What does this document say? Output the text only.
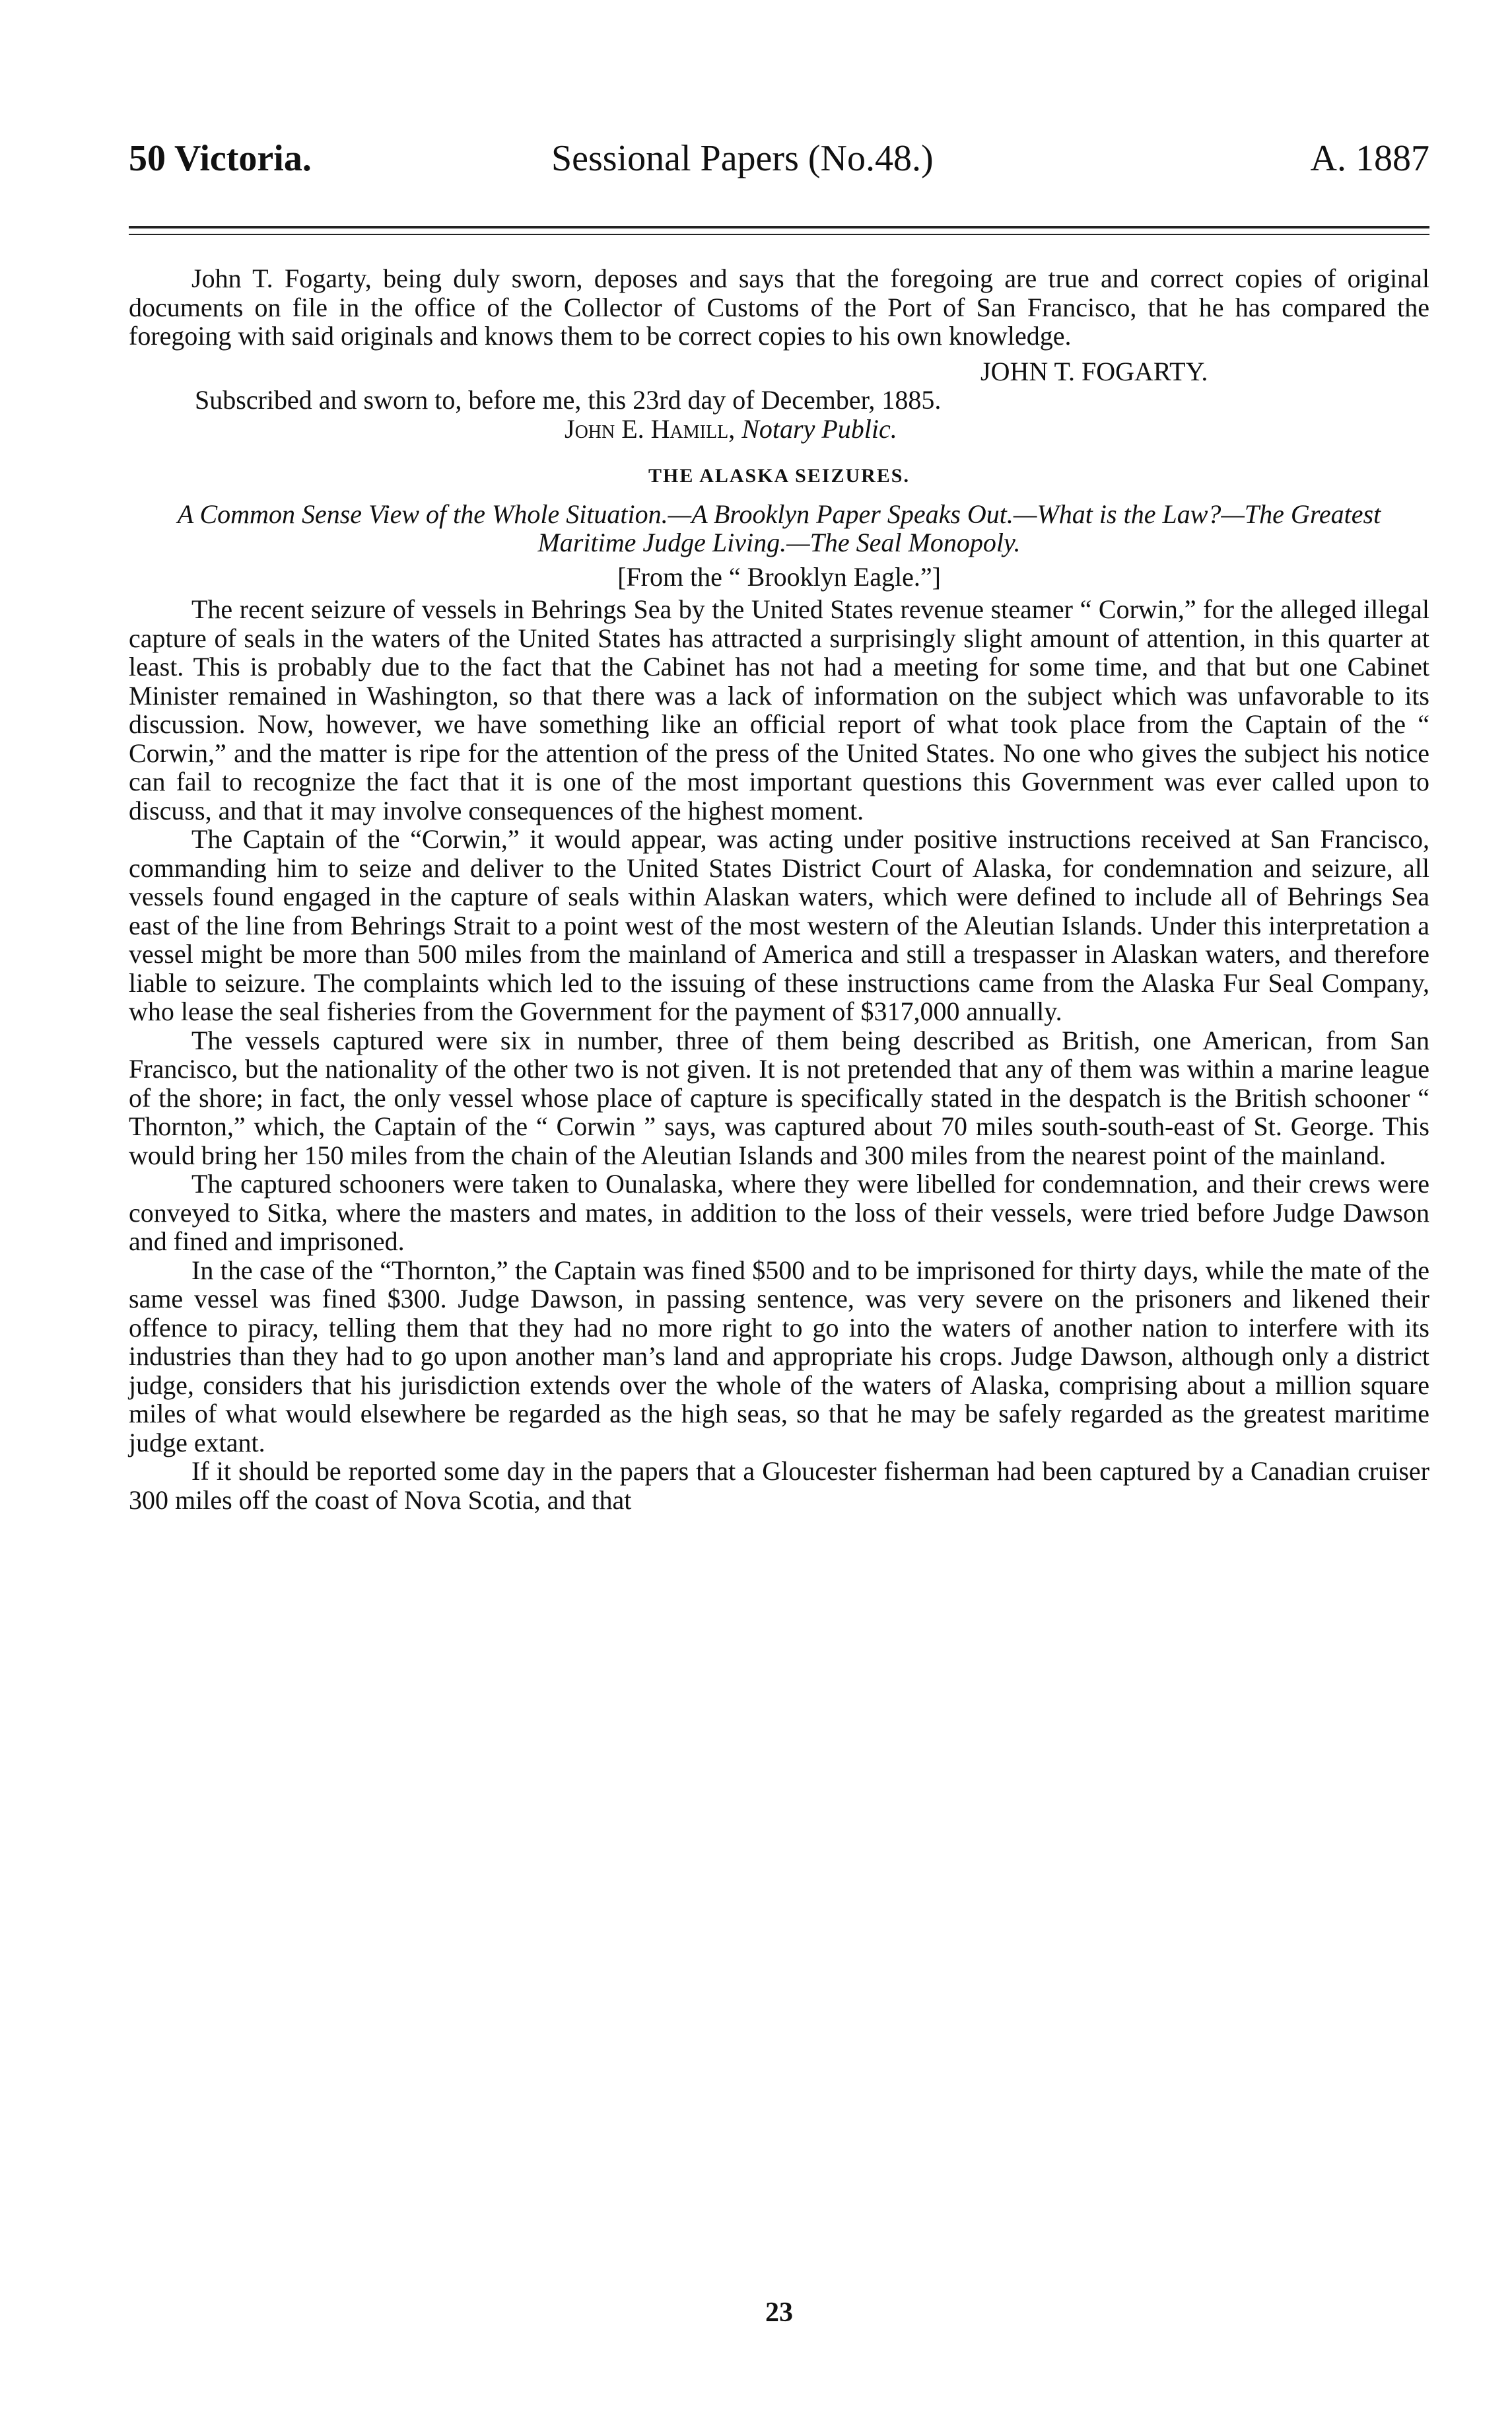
50 Victoria.	Sessional Papers (No.48.)	A. 1887

John T. Fogarty, being duly sworn, deposes and says that the foregoing are true and correct copies of original documents on file in the office of the Collector of Customs of the Port of San Francisco, that he has compared the foregoing with said originals and knows them to be correct copies to his own knowledge.

JOHN T. FOGARTY.

Subscribed and sworn to, before me, this 23rd day of December, 1885.

John E. Hamill, Notary Public.

THE ALASKA SEIZURES.

A Common Sense View of the Whole Situation.—A Brooklyn Paper Speaks Out.—What is the Law?—The Greatest Maritime Judge Living.—The Seal Monopoly.

[From the “ Brooklyn Eagle.”]

The recent seizure of vessels in Behrings Sea by the United States revenue steamer “ Corwin,” for the alleged illegal capture of seals in the waters of the United States has attracted a surprisingly slight amount of attention, in this quarter at least. This is probably due to the fact that the Cabinet has not had a meeting for some time, and that but one Cabinet Minister remained in Washington, so that there was a lack of information on the subject which was unfavorable to its discussion. Now, however, we have something like an official report of what took place from the Captain of the “ Corwin,” and the matter is ripe for the attention of the press of the United States. No one who gives the subject his notice can fail to recognize the fact that it is one of the most important questions this Government was ever called upon to discuss, and that it may involve consequences of the highest moment.

The Captain of the “Corwin,” it would appear, was acting under positive instructions received at San Francisco, commanding him to seize and deliver to the United States District Court of Alaska, for condemnation and seizure, all vessels found engaged in the capture of seals within Alaskan waters, which were defined to include all of Behrings Sea east of the line from Behrings Strait to a point west of the most western of the Aleutian Islands. Under this interpretation a vessel might be more than 500 miles from the mainland of America and still a trespasser in Alaskan waters, and therefore liable to seizure. The complaints which led to the issuing of these instructions came from the Alaska Fur Seal Company, who lease the seal fisheries from the Government for the payment of $317,000 annually.

The vessels captured were six in number, three of them being described as British, one American, from San Francisco, but the nationality of the other two is not given. It is not pretended that any of them was within a marine league of the shore; in fact, the only vessel whose place of capture is specifically stated in the despatch is the British schooner “ Thornton,” which, the Captain of the “ Corwin ” says, was captured about 70 miles south-south-east of St. George. This would bring her 150 miles from the chain of the Aleutian Islands and 300 miles from the nearest point of the mainland.

The captured schooners were taken to Ounalaska, where they were libelled for condemnation, and their crews were conveyed to Sitka, where the masters and mates, in addition to the loss of their vessels, were tried before Judge Dawson and fined and imprisoned.

In the case of the “Thornton,” the Captain was fined $500 and to be imprisoned for thirty days, while the mate of the same vessel was fined $300. Judge Dawson, in passing sentence, was very severe on the prisoners and likened their offence to piracy, telling them that they had no more right to go into the waters of another nation to interfere with its industries than they had to go upon another man’s land and appropriate his crops. Judge Dawson, although only a district judge, considers that his jurisdiction extends over the whole of the waters of Alaska, comprising about a million square miles of what would elsewhere be regarded as the high seas, so that he may be safely regarded as the greatest maritime judge extant.

If it should be reported some day in the papers that a Gloucester fisherman had been captured by a Canadian cruiser 300 miles off the coast of Nova Scotia, and that

23
